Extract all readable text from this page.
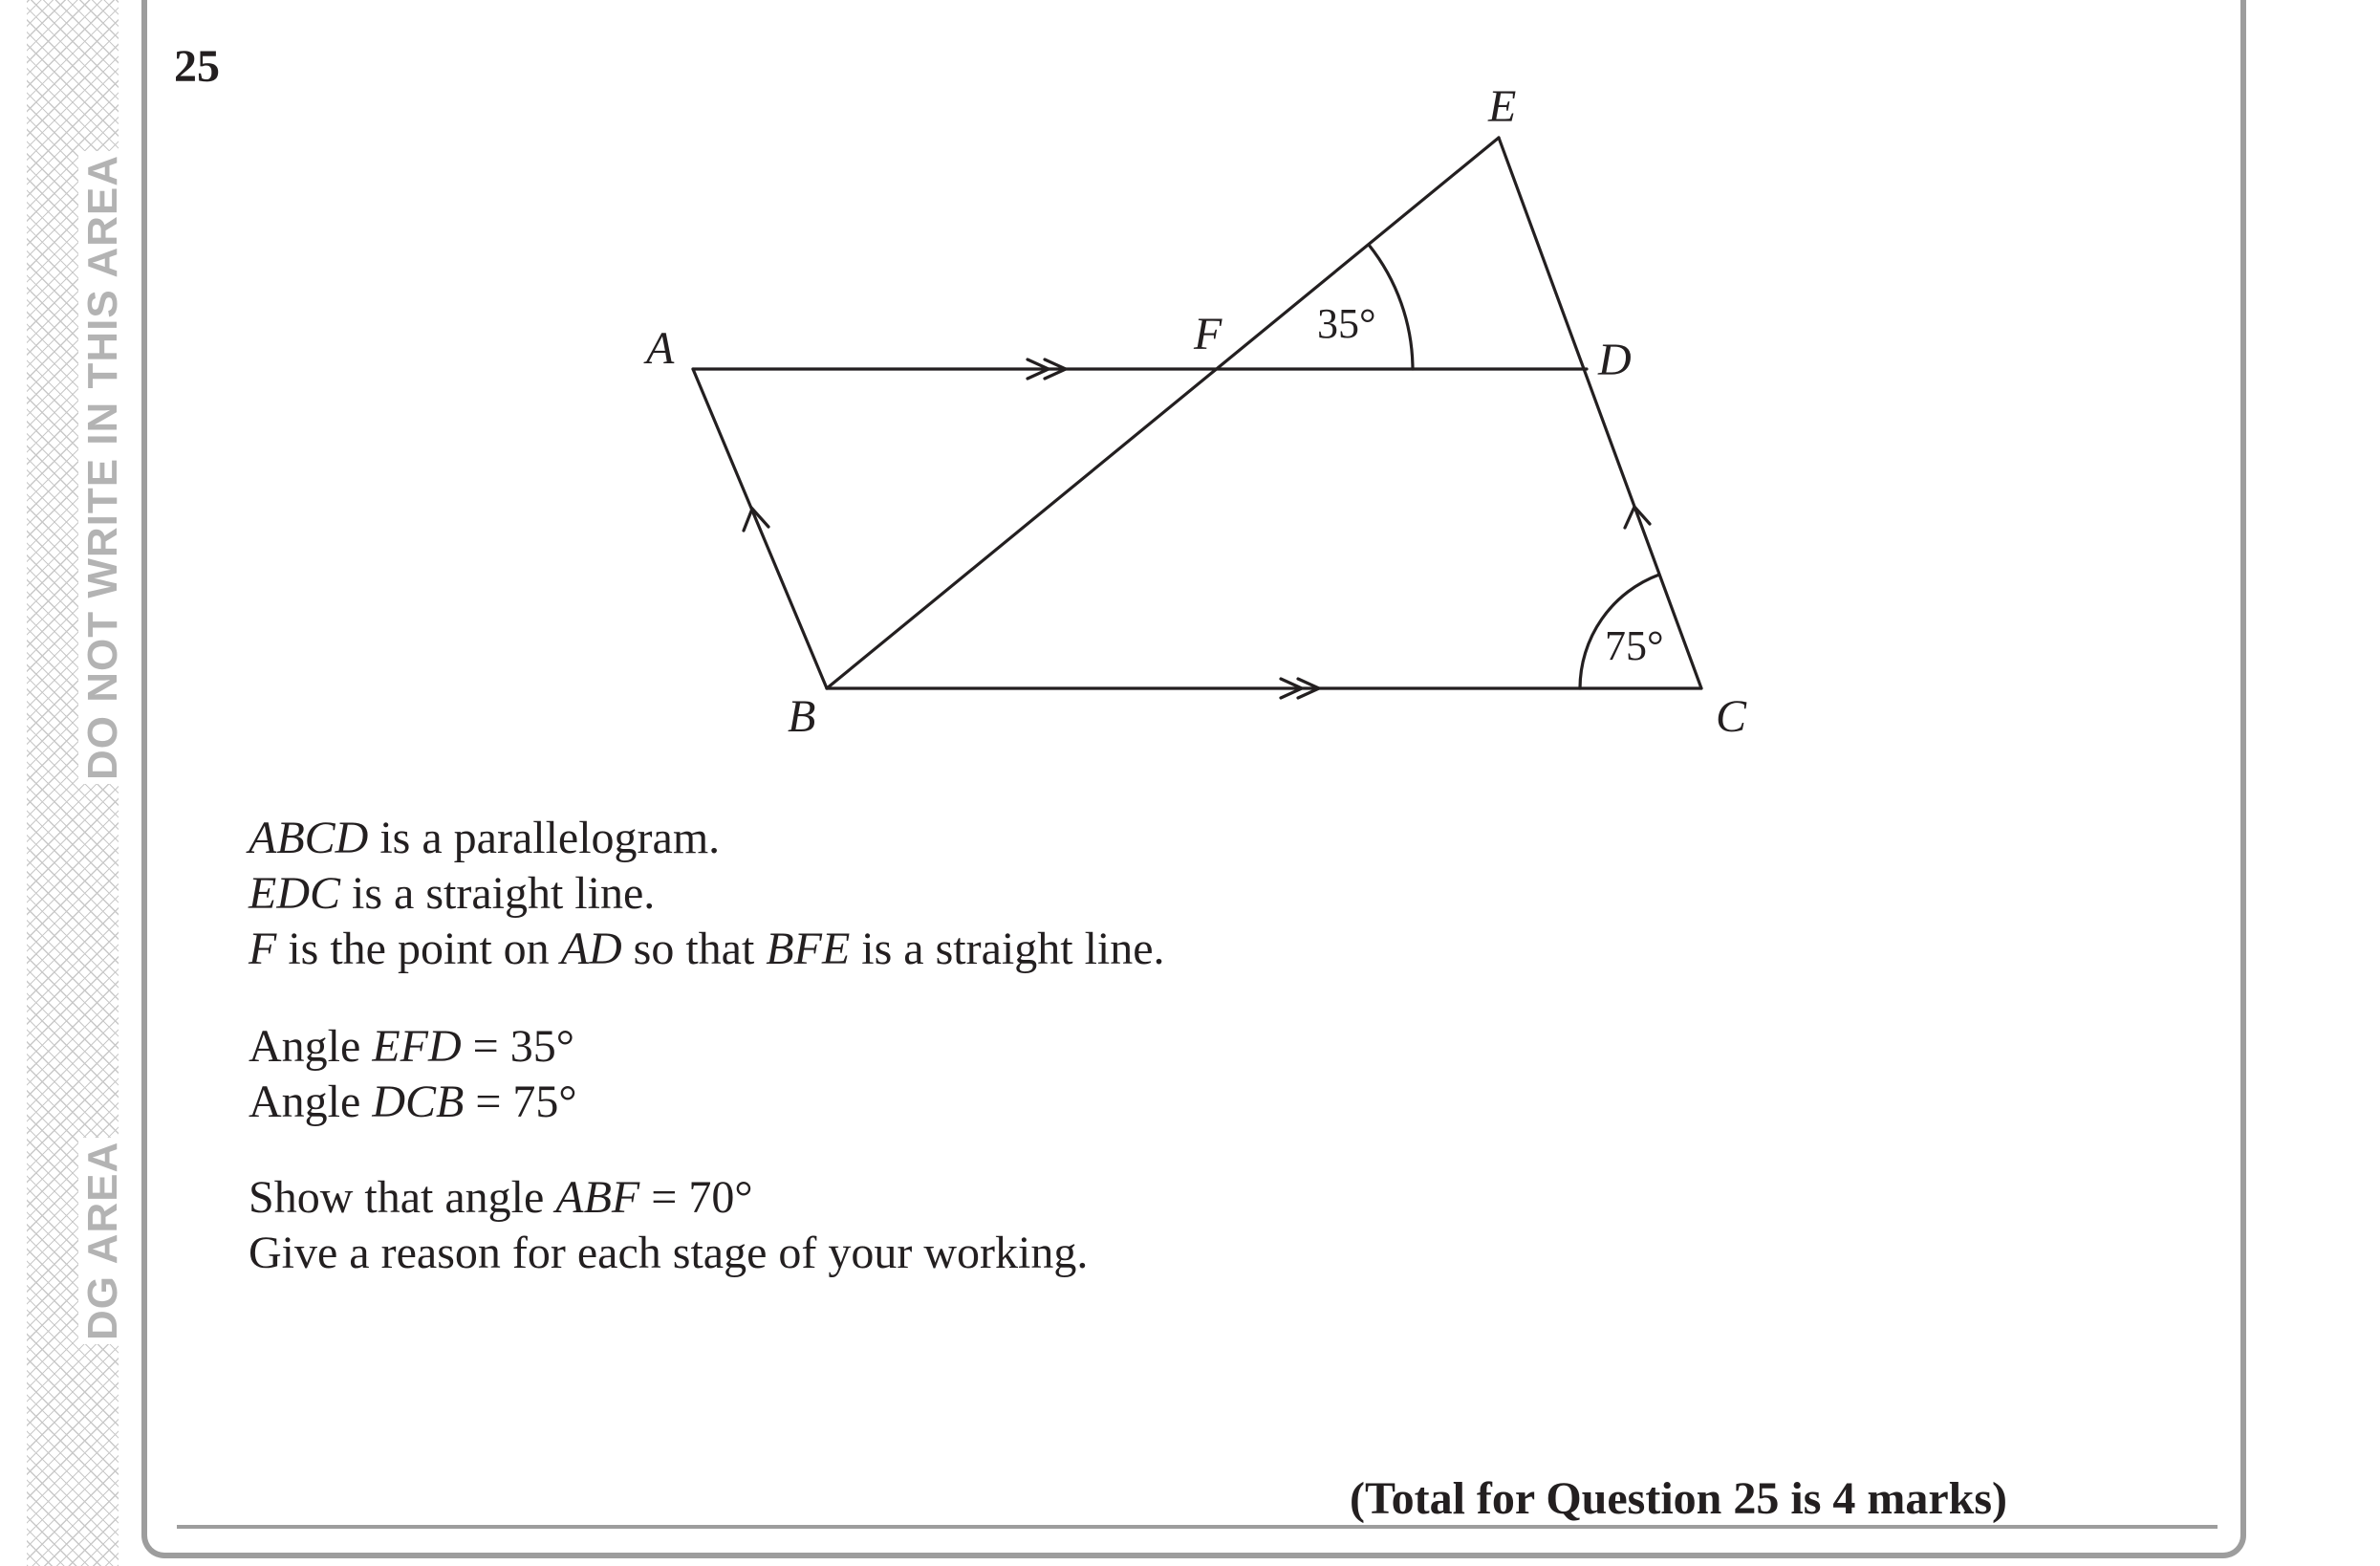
DO NOT WRITE IN THIS AREA
DG AREA
25
A
B	C
D
E
F 35°
75°
ABCD is a parallelogram.
EDC is a straight line.
F is the point on AD so that BFE is a straight line.
Angle EFD = 35°
Angle DCB = 75°
Show that angle ABF = 70°
Give a reason for each stage of your working.
(Total for Question 25 is 4 marks)
